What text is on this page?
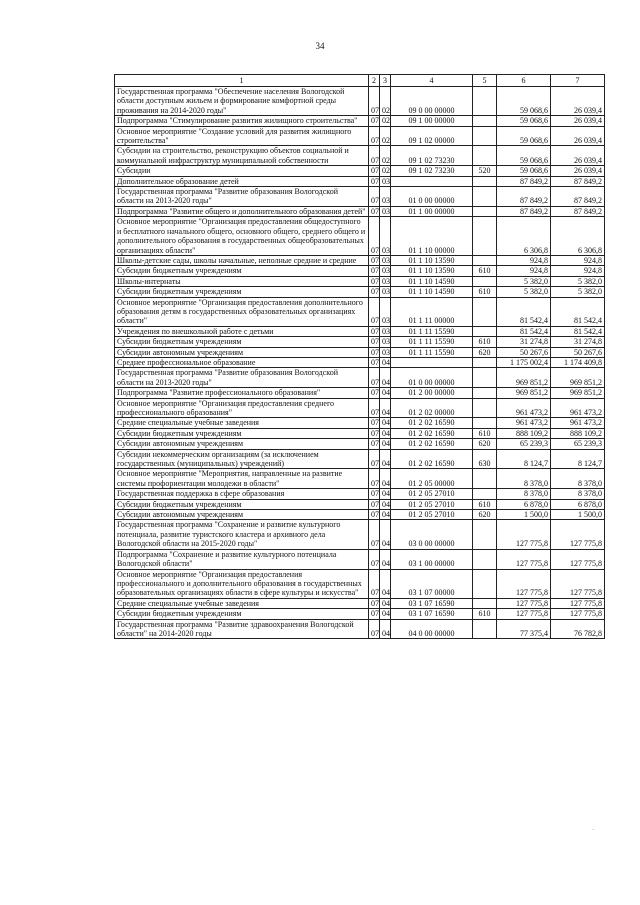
34
1	2	3	4	5	6	7
Государственная программа "Обеспечение населения Вологодской области доступным жильем и формирование комфортной среды проживания на 2014-2020 годы"	07	02	09 0 00 00000		59 068,6	26 039,4
Подпрограмма "Стимулирование развития жилищного строительства"	07	02	09 1 00 00000		59 068,6	26 039,4
Основное мероприятие "Создание условий для развития жилищного строительства"	07	02	09 1 02 00000		59 068,6	26 039,4
Субсидии на строительство, реконструкцию объектов социальной и коммунальной инфраструктур муниципальной собственности	07	02	09 1 02 73230		59 068,6	26 039,4
Субсидии	07	02	09 1 02 73230	520	59 068,6	26 039,4
Дополнительное образование детей	07	03			87 849,2	87 849,2
Государственная программа "Развитие образования Вологодской области на 2013-2020 годы"	07	03	01 0 00 00000		87 849,2	87 849,2
Подпрограмма "Развитие общего и дополнительного образования детей"	07	03	01 1 00 00000		87 849,2	87 849,2
Основное мероприятие "Организация предоставления общедоступного и бесплатного начального общего, основного общего, среднего общего и дополнительного образования в государственных общеобразовательных организациях области"	07	03	01 1 10 00000		6 306,8	6 306,8
Школы-детские сады, школы начальные, неполные средние и средние	07	03	01 1 10 13590		924,8	924,8
Субсидии бюджетным учреждениям	07	03	01 1 10 13590	610	924,8	924,8
Школы-интернаты	07	03	01 1 10 14590		5 382,0	5 382,0
Субсидии бюджетным учреждениям	07	03	01 1 10 14590	610	5 382,0	5 382,0
Основное мероприятие "Организация предоставления дополнительного образования детям в государственных образовательных организациях области"	07	03	01 1 11 00000		81 542,4	81 542,4
Учреждения по внешкольной работе с детьми	07	03	01 1 11 15590		81 542,4	81 542,4
Субсидии бюджетным учреждениям	07	03	01 1 11 15590	610	31 274,8	31 274,8
Субсидии автономным учреждениям	07	03	01 1 11 15590	620	50 267,6	50 267,6
Среднее профессиональное образование	07	04			1 175 002,4	1 174 409,8
Государственная программа "Развитие образования Вологодской области на 2013-2020 годы"	07	04	01 0 00 00000		969 851,2	969 851,2
Подпрограмма "Развитие профессионального образования"	07	04	01 2 00 00000		969 851,2	969 851,2
Основное мероприятие "Организация предоставления среднего профессионального образования"	07	04	01 2 02 00000		961 473,2	961 473,2
Средние специальные учебные заведения	07	04	01 2 02 16590		961 473,2	961 473,2
Субсидии бюджетным учреждениям	07	04	01 2 02 16590	610	888 109,2	888 109,2
Субсидии автономным учреждениям	07	04	01 2 02 16590	620	65 239,3	65 239,3
Субсидии некоммерческим организациям (за исключением государственных (муниципальных) учреждений)	07	04	01 2 02 16590	630	8 124,7	8 124,7
Основное мероприятие "Мероприятия, направленные на развитие системы профориентации молодежи в области"	07	04	01 2 05 00000		8 378,0	8 378,0
Государственная поддержка в сфере образования	07	04	01 2 05 27010		8 378,0	8 378,0
Субсидии бюджетным учреждениям	07	04	01 2 05 27010	610	6 878,0	6 878,0
Субсидии автономным учреждениям	07	04	01 2 05 27010	620	1 500,0	1 500,0
Государственная программа "Сохранение и развитие культурного потенциала, развитие туристского кластера и архивного дела Вологодской области на 2015-2020 годы"	07	04	03 0 00 00000		127 775,8	127 775,8
Подпрограмма "Сохранение и развитие культурного потенциала Вологодской области"	07	04	03 1 00 00000		127 775,8	127 775,8
Основное мероприятие "Организация предоставления профессионального и дополнительного образования в государственных образовательных организациях области в сфере культуры и искусства"	07	04	03 1 07 00000		127 775,8	127 775,8
Средние специальные учебные заведения	07	04	03 1 07 16590		127 775,8	127 775,8
Субсидии бюджетным учреждениям	07	04	03 1 07 16590	610	127 775,8	127 775,8
Государственная программа "Развитие здравоохранения Вологодской области" на 2014-2020 годы	07	04	04 0 00 00000		77 375,4	76 782,8
·
